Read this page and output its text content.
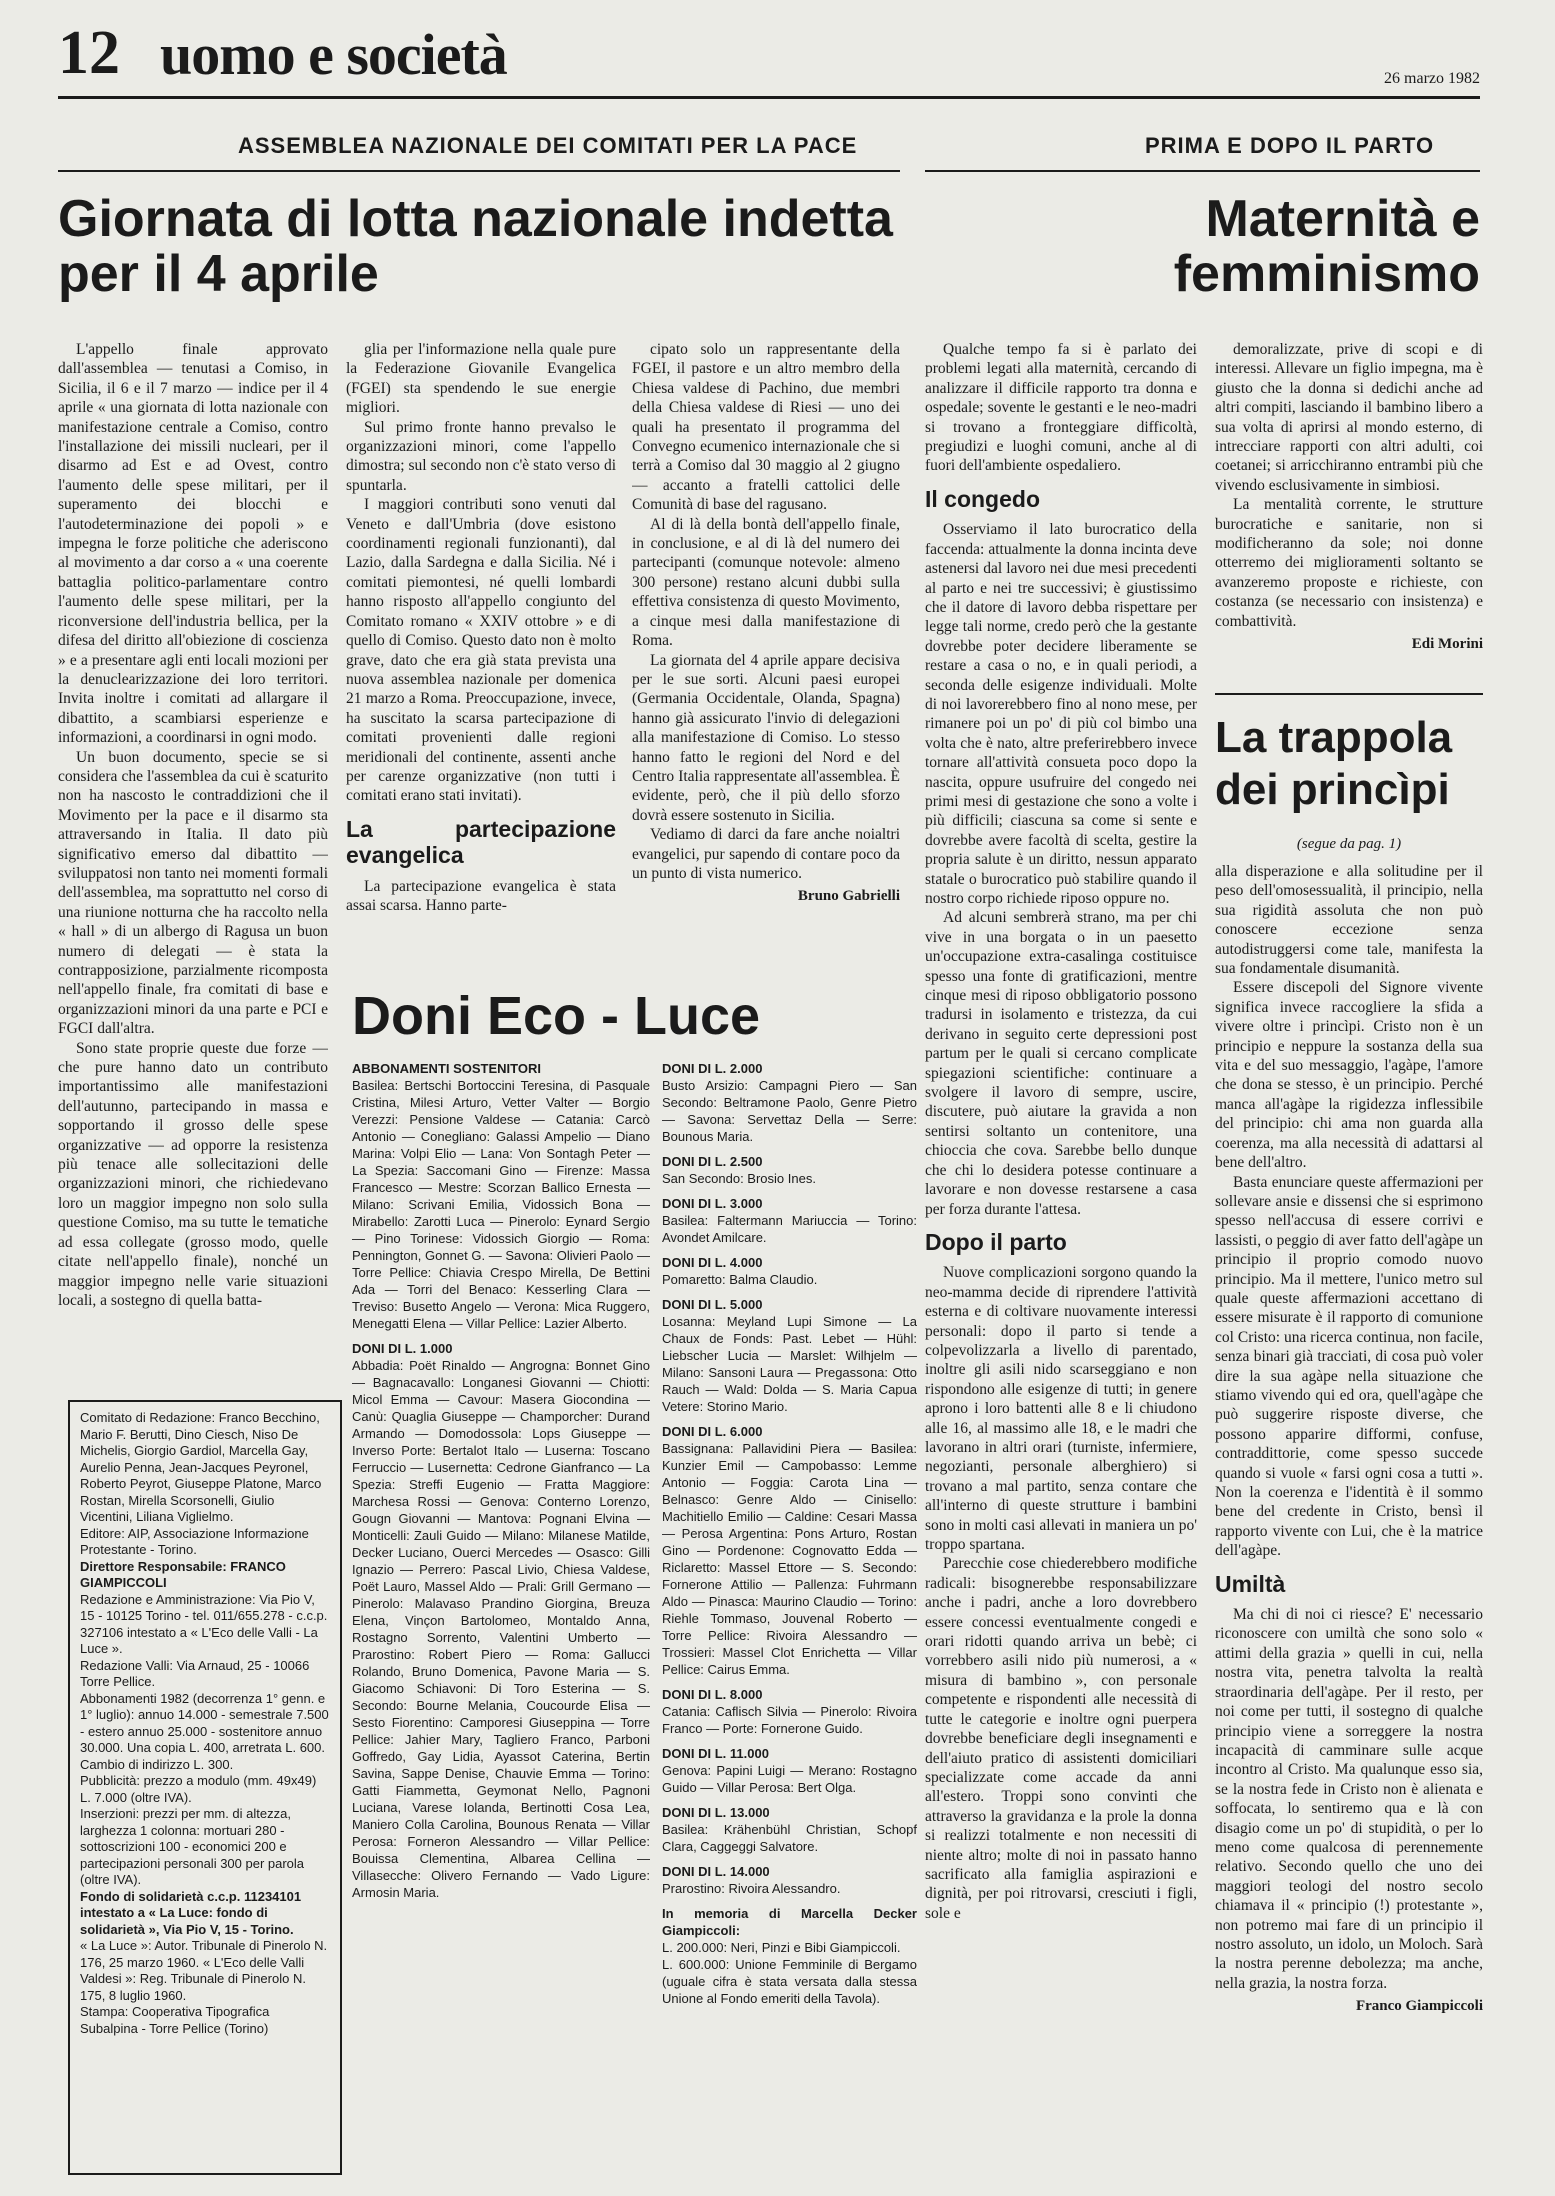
12 uomo e società	26 marzo 1982
ASSEMBLEA NAZIONALE DEI COMITATI PER LA PACE	PRIMA E DOPO IL PARTO
Giornata di lotta nazionale indetta per il 4 aprile
Maternità e femminismo

L'appello finale approvato dall'assemblea — tenutasi a Comiso, in Sicilia, il 6 e il 7 marzo — indice per il 4 aprile « una giornata di lotta nazionale con manifestazione centrale a Comiso, contro l'installazione dei missili nucleari, per il disarmo ad Est e ad Ovest, contro l'aumento delle spese militari, per il superamento dei blocchi e l'autodeterminazione dei popoli » e impegna le forze politiche che aderiscono al movimento a dar corso a « una coerente battaglia politico-parlamentare contro l'aumento delle spese militari, per la riconversione dell'industria bellica, per la difesa del diritto all'obiezione di coscienza » e a presentare agli enti locali mozioni per la denuclearizzazione dei loro territori. Invita inoltre i comitati ad allargare il dibattito, a scambiarsi esperienze e informazioni, a coordinarsi in ogni modo.

Un buon documento, specie se si considera che l'assemblea da cui è scaturito non ha nascosto le contraddizioni che il Movimento per la pace e il disarmo sta attraversando in Italia. Il dato più significativo emerso dal dibattito — sviluppatosi non tanto nei momenti formali dell'assemblea, ma soprattutto nel corso di una riunione notturna che ha raccolto nella « hall » di un albergo di Ragusa un buon numero di delegati — è stata la contrapposizione, parzialmente ricomposta nell'appello finale, fra comitati di base e organizzazioni minori da una parte e PCI e FGCI dall'altra.

Sono state proprie queste due forze — che pure hanno dato un contributo importantissimo alle manifestazioni dell'autunno, partecipando in massa e sopportando il grosso delle spese organizzative — ad opporre la resistenza più tenace alle sollecitazioni delle organizzazioni minori, che richiedevano loro un maggior impegno non solo sulla questione Comiso, ma su tutte le tematiche ad essa collegate (grosso modo, quelle citate nell'appello finale), nonché un maggior impegno nelle varie situazioni locali, a sostegno di quella batta-

glia per l'informazione nella quale pure la Federazione Giovanile Evangelica (FGEI) sta spendendo le sue energie migliori.

Sul primo fronte hanno prevalso le organizzazioni minori, come l'appello dimostra; sul secondo non c'è stato verso di spuntarla.

I maggiori contributi sono venuti dal Veneto e dall'Umbria (dove esistono coordinamenti regionali funzionanti), dal Lazio, dalla Sardegna e dalla Sicilia. Né i comitati piemontesi, né quelli lombardi hanno risposto all'appello congiunto del Comitato romano « XXIV ottobre » e di quello di Comiso. Questo dato non è molto grave, dato che era già stata prevista una nuova assemblea nazionale per domenica 21 marzo a Roma. Preoccupazione, invece, ha suscitato la scarsa partecipazione di comitati provenienti dalle regioni meridionali del continente, assenti anche per carenze organizzative (non tutti i comitati erano stati invitati).

La partecipazione evangelica

La partecipazione evangelica è stata assai scarsa. Hanno parte-

cipato solo un rappresentante della FGEI, il pastore e un altro membro della Chiesa valdese di Pachino, due membri della Chiesa valdese di Riesi — uno dei quali ha presentato il programma del Convegno ecumenico internazionale che si terrà a Comiso dal 30 maggio al 2 giugno — accanto a fratelli cattolici delle Comunità di base del ragusano.

Al di là della bontà dell'appello finale, in conclusione, e al di là del numero dei partecipanti (comunque notevole: almeno 300 persone) restano alcuni dubbi sulla effettiva consistenza di questo Movimento, a cinque mesi dalla manifestazione di Roma.

La giornata del 4 aprile appare decisiva per le sue sorti. Alcuni paesi europei (Germania Occidentale, Olanda, Spagna) hanno già assicurato l'invio di delegazioni alla manifestazione di Comiso. Lo stesso hanno fatto le regioni del Nord e del Centro Italia rappresentate all'assemblea. È evidente, però, che il più dello sforzo dovrà essere sostenuto in Sicilia.

Vediamo di darci da fare anche noialtri evangelici, pur sapendo di contare poco da un punto di vista numerico.

Bruno Gabrielli
Comitato di Redazione: Franco Becchino, Mario F. Berutti, Dino Ciesch, Niso De Michelis, Giorgio Gardiol, Marcella Gay, Aurelio Penna, Jean-Jacques Peyronel, Roberto Peyrot, Giuseppe Platone, Marco Rostan, Mirella Scorsonelli, Giulio Vicentini, Liliana Viglielmo.
Editore: AIP, Associazione Informazione Protestante - Torino.
Direttore Responsabile: FRANCO GIAMPICCOLI
Redazione e Amministrazione: Via Pio V, 15 - 10125 Torino - tel. 011/655.278 - c.c.p. 327106 intestato a « L'Eco delle Valli - La Luce ».
Redazione Valli: Via Arnaud, 25 - 10066 Torre Pellice.
Abbonamenti 1982 (decorrenza 1° genn. e 1° luglio): annuo 14.000 - semestrale 7.500 - estero annuo 25.000 - sostenitore annuo 30.000. Una copia L. 400, arretrata L. 600. Cambio di indirizzo L. 300.
Pubblicità: prezzo a modulo (mm. 49x49) L. 7.000 (oltre IVA).
Inserzioni: prezzi per mm. di altezza, larghezza 1 colonna: mortuari 280 - sottoscrizioni 100 - economici 200 e partecipazioni personali 300 per parola (oltre IVA).
Fondo di solidarietà c.c.p. 11234101 intestato a « La Luce: fondo di solidarietà », Via Pio V, 15 - Torino.
« La Luce »: Autor. Tribunale di Pinerolo N. 176, 25 marzo 1960. « L'Eco delle Valli Valdesi »: Reg. Tribunale di Pinerolo N. 175, 8 luglio 1960.
Stampa: Cooperativa Tipografica Subalpina - Torre Pellice (Torino)
Doni Eco - Luce
ABBONAMENTI SOSTENITORI

Basilea: Bertschi Bortoccini Teresina, di Pasquale Cristina, Milesi Arturo, Vetter Valter — Borgio Verezzi: Pensione Valdese — Catania: Carcò Antonio — Conegliano: Galassi Ampelio — Diano Marina: Volpi Elio — Lana: Von Sontagh Peter — La Spezia: Saccomani Gino — Firenze: Massa Francesco — Mestre: Scorzan Ballico Ernesta — Milano: Scrivani Emilia, Vidossich Bona — Mirabello: Zarotti Luca — Pinerolo: Eynard Sergio — Pino Torinese: Vidossich Giorgio — Roma: Pennington, Gonnet G. — Savona: Olivieri Paolo — Torre Pellice: Chiavia Crespo Mirella, De Bettini Ada — Torri del Benaco: Kesserling Clara — Treviso: Busetto Angelo — Verona: Mica Ruggero, Menegatti Elena — Villar Pellice: Lazier Alberto.

DONI DI L. 1.000

Abbadia: Poët Rinaldo — Angrogna: Bonnet Gino — Bagnacavallo: Longanesi Giovanni — Chiotti: Micol Emma — Cavour: Masera Giocondina — Canù: Quaglia Giuseppe — Champorcher: Durand Armando — Domodossola: Lops Giuseppe — Inverso Porte: Bertalot Italo — Luserna: Toscano Ferruccio — Lusernetta: Cedrone Gianfranco — La Spezia: Streffi Eugenio — Fratta Maggiore: Marchesa Rossi — Genova: Conterno Lorenzo, Gougn Giovanni — Mantova: Pognani Elvina — Monticelli: Zauli Guido — Milano: Milanese Matilde, Decker Luciano, Ouerci Mercedes — Osasco: Gilli Ignazio — Perrero: Pascal Livio, Chiesa Valdese, Poët Lauro, Massel Aldo — Prali: Grill Germano — Pinerolo: Malavaso Prandino Giorgina, Breuza Elena, Vinçon Bartolomeo, Montaldo Anna, Rostagno Sorrento, Valentini Umberto — Prarostino: Robert Piero — Roma: Gallucci Rolando, Bruno Domenica, Pavone Maria — S. Giacomo Schiavoni: Di Toro Esterina — S. Secondo: Bourne Melania, Coucourde Elisa — Sesto Fiorentino: Camporesi Giuseppina — Torre Pellice: Jahier Mary, Tagliero Franco, Parboni Goffredo, Gay Lidia, Ayassot Caterina, Bertin Savina, Sappe Denise, Chauvie Emma — Torino: Gatti Fiammetta, Geymonat Nello, Pagnoni Luciana, Varese Iolanda, Bertinotti Cosa Lea, Maniero Colla Carolina, Bounous Renata — Villar Perosa: Forneron Alessandro — Villar Pellice: Bouissa Clementina, Albarea Cellina — Villasecche: Olivero Fernando — Vado Ligure: Armosin Maria.

DONI DI L. 2.000

Busto Arsizio: Campagni Piero — San Secondo: Beltramone Paolo, Genre Pietro — Savona: Servettaz Della — Serre: Bounous Maria.

DONI DI L. 2.500

San Secondo: Brosio Ines.

DONI DI L. 3.000

Basilea: Faltermann Mariuccia — Torino: Avondet Amilcare.

DONI DI L. 4.000

Pomaretto: Balma Claudio.

DONI DI L. 5.000

Losanna: Meyland Lupi Simone — La Chaux de Fonds: Past. Lebet — Hühl: Liebscher Lucia — Marslet: Wilhjelm — Milano: Sansoni Laura — Pregassona: Otto Rauch — Wald: Dolda — S. Maria Capua Vetere: Storino Mario.

DONI DI L. 6.000

Bassignana: Pallavidini Piera — Basilea: Kunzier Emil — Campobasso: Lemme Antonio — Foggia: Carota Lina — Belnasco: Genre Aldo — Cinisello: Machitiello Emilio — Caldine: Cesari Massa — Perosa Argentina: Pons Arturo, Rostan Gino — Pordenone: Cognovatto Edda — Riclaretto: Massel Ettore — S. Secondo: Fornerone Attilio — Pallenza: Fuhrmann Aldo — Pinasca: Maurino Claudio — Torino: Riehle Tommaso, Jouvenal Roberto — Torre Pellice: Rivoira Alessandro — Trossieri: Massel Clot Enrichetta — Villar Pellice: Cairus Emma.

DONI DI L. 8.000

Catania: Caflisch Silvia — Pinerolo: Rivoira Franco — Porte: Fornerone Guido.

DONI DI L. 11.000

Genova: Papini Luigi — Merano: Rostagno Guido — Villar Perosa: Bert Olga.

DONI DI L. 13.000

Basilea: Krähenbühl Christian, Schopf Clara, Caggeggi Salvatore.

DONI DI L. 14.000

Prarostino: Rivoira Alessandro.

In memoria di Marcella Decker Giampiccoli:

L. 200.000: Neri, Pinzi e Bibi Giampiccoli.

L. 600.000: Unione Femminile di Bergamo (uguale cifra è stata versata dalla stessa Unione al Fondo emeriti della Tavola).

Qualche tempo fa si è parlato dei problemi legati alla maternità, cercando di analizzare il difficile rapporto tra donna e ospedale; sovente le gestanti e le neo-madri si trovano a fronteggiare difficoltà, pregiudizi e luoghi comuni, anche al di fuori dell'ambiente ospedaliero.

Il congedo

Osserviamo il lato burocratico della faccenda: attualmente la donna incinta deve astenersi dal lavoro nei due mesi precedenti al parto e nei tre successivi; è giustissimo che il datore di lavoro debba rispettare per legge tali norme, credo però che la gestante dovrebbe poter decidere liberamente se restare a casa o no, e in quali periodi, a seconda delle esigenze individuali. Molte di noi lavorerebbero fino al nono mese, per rimanere poi un po' di più col bimbo una volta che è nato, altre preferirebbero invece tornare all'attività consueta poco dopo la nascita, oppure usufruire del congedo nei primi mesi di gestazione che sono a volte i più difficili; ciascuna sa come si sente e dovrebbe avere facoltà di scelta, gestire la propria salute è un diritto, nessun apparato statale o burocratico può stabilire quando il nostro corpo richiede riposo oppure no.

Ad alcuni sembrerà strano, ma per chi vive in una borgata o in un paesetto un'occupazione extra-casalinga costituisce spesso una fonte di gratificazioni, mentre cinque mesi di riposo obbligatorio possono tradursi in isolamento e tristezza, da cui derivano in seguito certe depressioni post partum per le quali si cercano complicate spiegazioni scientifiche: continuare a svolgere il lavoro di sempre, uscire, discutere, può aiutare la gravida a non sentirsi soltanto un contenitore, una chioccia che cova. Sarebbe bello dunque che chi lo desidera potesse continuare a lavorare e non dovesse restarsene a casa per forza durante l'attesa.

Dopo il parto

Nuove complicazioni sorgono quando la neo-mamma decide di riprendere l'attività esterna e di coltivare nuovamente interessi personali: dopo il parto si tende a colpevolizzarla a livello di parentado, inoltre gli asili nido scarseggiano e non rispondono alle esigenze di tutti; in genere aprono i loro battenti alle 8 e li chiudono alle 16, al massimo alle 18, e le madri che lavorano in altri orari (turniste, infermiere, negozianti, personale alberghiero) si trovano a mal partito, senza contare che all'interno di queste strutture i bambini sono in molti casi allevati in maniera un po' troppo spartana.

Parecchie cose chiederebbero modifiche radicali: bisognerebbe responsabilizzare anche i padri, anche a loro dovrebbero essere concessi eventualmente congedi e orari ridotti quando arriva un bebè; ci vorrebbero asili nido più numerosi, a « misura di bambino », con personale competente e rispondenti alle necessità di tutte le categorie e inoltre ogni puerpera dovrebbe beneficiare degli insegnamenti e dell'aiuto pratico di assistenti domiciliari specializzate come accade da anni all'estero. Troppi sono convinti che attraverso la gravidanza e la prole la donna si realizzi totalmente e non necessiti di niente altro; molte di noi in passato hanno sacrificato alla famiglia aspirazioni e dignità, per poi ritrovarsi, cresciuti i figli, sole e

demoralizzate, prive di scopi e di interessi. Allevare un figlio impegna, ma è giusto che la donna si dedichi anche ad altri compiti, lasciando il bambino libero a sua volta di aprirsi al mondo esterno, di intrecciare rapporti con altri adulti, coi coetanei; si arricchiranno entrambi più che vivendo esclusivamente in simbiosi.

La mentalità corrente, le strutture burocratiche e sanitarie, non si modificheranno da sole; noi donne otterremo dei miglioramenti soltanto se avanzeremo proposte e richieste, con costanza (se necessario con insistenza) e combattività.

Edi Morini
La trappola dei princìpi
(segue da pag. 1)

alla disperazione e alla solitudine per il peso dell'omosessualità, il principio, nella sua rigidità assoluta che non può conoscere eccezione senza autodistruggersi come tale, manifesta la sua fondamentale disumanità.

Essere discepoli del Signore vivente significa invece raccogliere la sfida a vivere oltre i princìpi. Cristo non è un principio e neppure la sostanza della sua vita e del suo messaggio, l'agàpe, l'amore che dona se stesso, è un principio. Perché manca all'agàpe la rigidezza inflessibile del principio: chi ama non guarda alla coerenza, ma alla necessità di adattarsi al bene dell'altro.

Basta enunciare queste affermazioni per sollevare ansie e dissensi che si esprimono spesso nell'accusa di essere corrivi e lassisti, o peggio di aver fatto dell'agàpe un principio il proprio comodo nuovo principio. Ma il mettere, l'unico metro sul quale queste affermazioni accettano di essere misurate è il rapporto di comunione col Cristo: una ricerca continua, non facile, senza binari già tracciati, di cosa può voler dire la sua agàpe nella situazione che stiamo vivendo qui ed ora, quell'agàpe che può suggerire risposte diverse, che possono apparire difformi, confuse, contraddittorie, come spesso succede quando si vuole « farsi ogni cosa a tutti ». Non la coerenza e l'identità è il sommo bene del credente in Cristo, bensì il rapporto vivente con Lui, che è la matrice dell'agàpe.

Umiltà

Ma chi di noi ci riesce? E' necessario riconoscere con umiltà che sono solo « attimi della grazia » quelli in cui, nella nostra vita, penetra talvolta la realtà straordinaria dell'agàpe. Per il resto, per noi come per tutti, il sostegno di qualche principio viene a sorreggere la nostra incapacità di camminare sulle acque incontro al Cristo. Ma qualunque esso sia, se la nostra fede in Cristo non è alienata e soffocata, lo sentiremo qua e là con disagio come un po' di stupidità, o per lo meno come qualcosa di perennemente relativo. Secondo quello che uno dei maggiori teologi del nostro secolo chiamava il « principio (!) protestante », non potremo mai fare di un principio il nostro assoluto, un idolo, un Moloch. Sarà la nostra perenne debolezza; ma anche, nella grazia, la nostra forza.

Franco Giampiccoli
